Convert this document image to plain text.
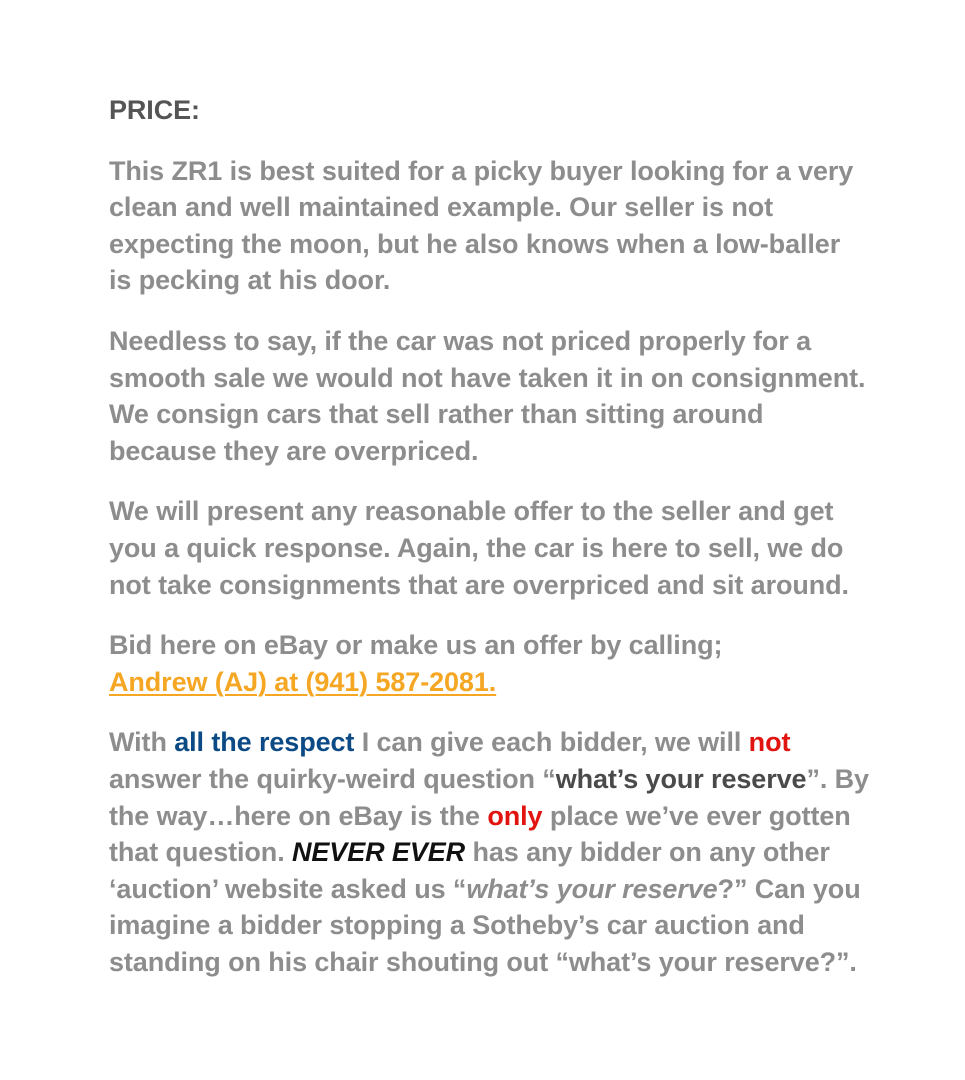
PRICE:

This ZR1 is best suited for a picky buyer looking for a very clean and well maintained example. Our seller is not expecting the moon, but he also knows when a low-baller is pecking at his door.

Needless to say, if the car was not priced properly for a smooth sale we would not have taken it in on consignment. We consign cars that sell rather than sitting around because they are overpriced.

We will present any reasonable offer to the seller and get you a quick response. Again, the car is here to sell, we do not take consignments that are overpriced and sit around.

Bid here on eBay or make us an offer by calling;
Andrew (AJ) at (941) 587-2081.

With all the respect I can give each bidder, we will not answer the quirky-weird question “what’s your reserve”. By the way…here on eBay is the only place we’ve ever gotten that question. NEVER EVER has any bidder on any other ‘auction’ website asked us “what’s your reserve?” Can you imagine a bidder stopping a Sotheby’s car auction and standing on his chair shouting out “what’s your reserve?”.
